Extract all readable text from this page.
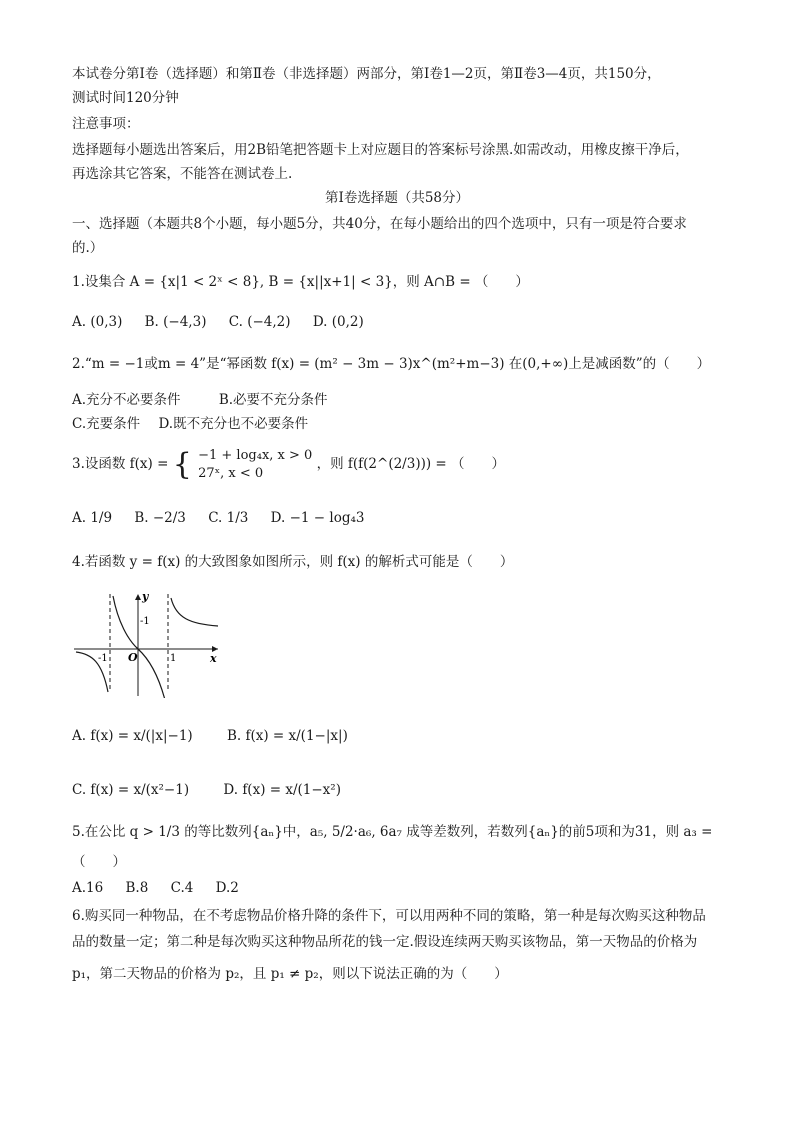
本试卷分第Ⅰ卷（选择题）和第Ⅱ卷（非选择题）两部分，第Ⅰ卷1—2页，第Ⅱ卷3—4页，共150分，
测试时间120分钟
注意事项：
选择题每小题选出答案后，用2B铅笔把答题卡上对应题目的答案标号涂黑.如需改动，用橡皮擦干净后，
再选涂其它答案，不能答在测试卷上.
第Ⅰ卷选择题（共58分）
一、选择题（本题共8个小题，每小题5分，共40分，在每小题给出的四个选项中，只有一项是符合要求
的.）
1.设集合 A = {x|1 < 2ˣ < 8}, B = {x||x+1| < 3}，则 A∩B = （　　）
A. (0,3) B. (−4,3) C. (−4,2) D. (0,2)
2.“m = −1或m = 4”是“幂函数 f(x) = (m² − 3m − 3)x^(m²+m−3) 在(0,+∞)上是减函数”的（　　）
A.充分不必要条件	B.必要不充分条件
C.充要条件 D.既不充分也不必要条件
3.设函数 f(x) = { −1 + log₄x, x > 0
27ˣ, x < 0
，则 f(f(2^(2/3))) = （　　）
A. 1/9 B. −2/3 C. 1/3 D. −1 − log₄3
4.若函数 y = f(x) 的大致图象如图所示，则 f(x) 的解析式可能是（　　）
y
x
O
-1	1
-1
A. f(x) = x/(|x|−1)	B. f(x) = x/(1−|x|)
C. f(x) = x/(x²−1)	D. f(x) = x/(1−x²)
5.在公比 q > 1/3 的等比数列{aₙ}中，a₅, 5/2·a₆, 6a₇ 成等差数列，若数列{aₙ}的前5项和为31，则 a₃ =
（　　）
A.16 B.8 C.4 D.2
6.购买同一种物品，在不考虑物品价格升降的条件下，可以用两种不同的策略，第一种是每次购买这种物品
品的数量一定；第二种是每次购买这种物品所花的钱一定.假设连续两天购买该物品，第一天物品的价格为
p₁，第二天物品的价格为 p₂，且 p₁ ≠ p₂，则以下说法正确的为（　　）
